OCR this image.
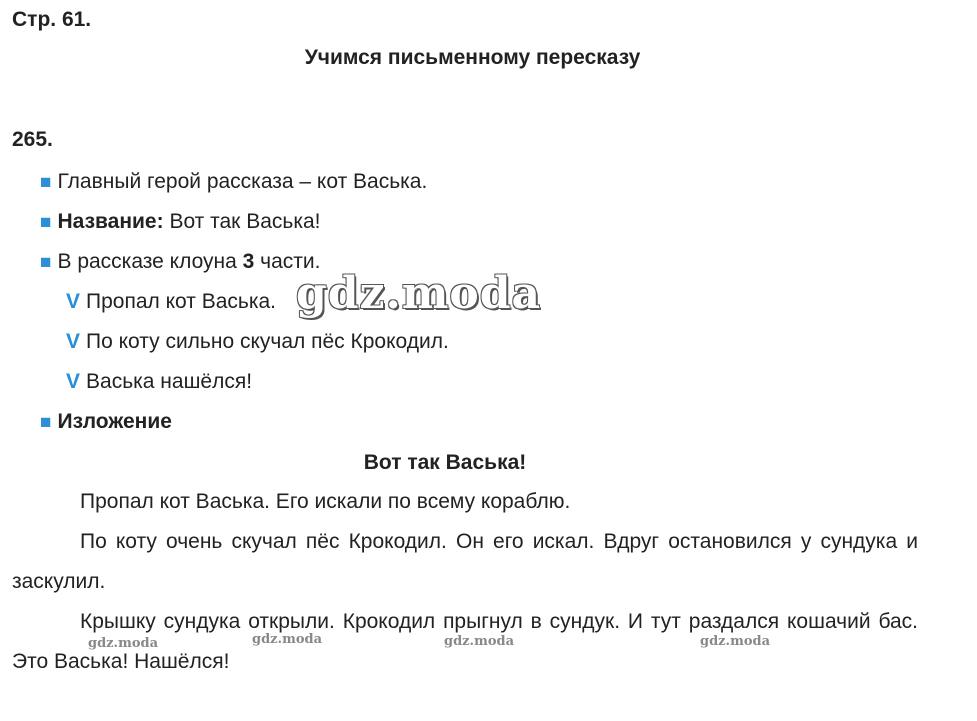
Стр. 61.
Учимся письменному пересказу
265.
■ Главный герой рассказа – кот Васька.
■ Название: Вот так Васька!
■ В рассказе клоуна 3 части.
V Пропал кот Васька.
V По коту сильно скучал пёс Крокодил.
V Васька нашёлся!
■ Изложение
Вот так Васька!
Пропал кот Васька. Его искали по всему кораблю.
По коту очень скучал пёс Крокодил. Он его искал. Вдруг остановился у сундука и заскулил.
Крышку сундука открыли. Крокодил прыгнул в сундук. И тут раздался кошачий бас. Это Васька! Нашёлся!
gdz.moda
gdz.moda	gdz.moda	gdz.moda	gdz.moda
